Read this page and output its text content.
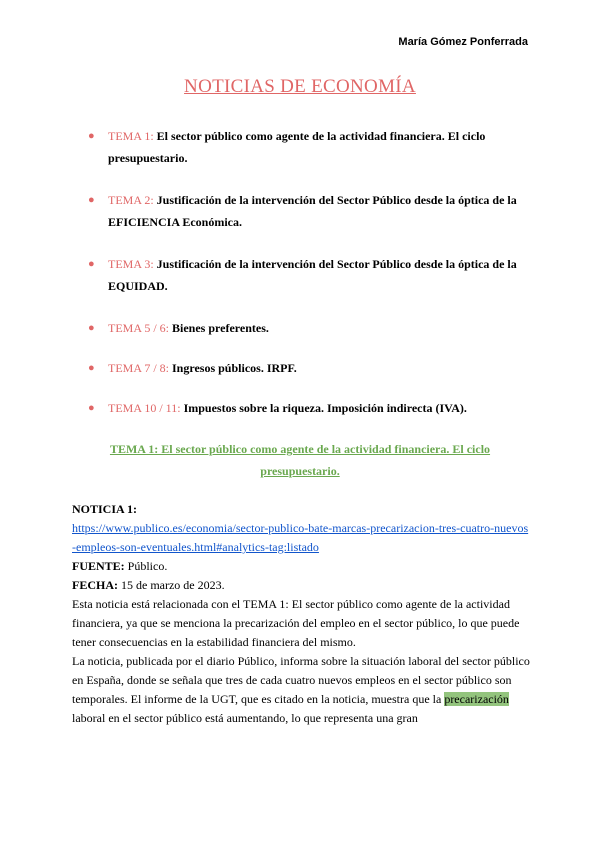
María Gómez Ponferrada
NOTICIAS DE ECONOMÍA
● TEMA 1: El sector público como agente de la actividad financiera. El ciclo presupuestario.
● TEMA 2: Justificación de la intervención del Sector Público desde la óptica de la EFICIENCIA Económica.
● TEMA 3: Justificación de la intervención del Sector Público desde la óptica de la EQUIDAD.
● TEMA 5 / 6: Bienes preferentes.
● TEMA 7 / 8: Ingresos públicos. IRPF.
● TEMA 10 / 11: Impuestos sobre la riqueza. Imposición indirecta (IVA).
TEMA 1: El sector público como agente de la actividad financiera. El ciclo presupuestario.

NOTICIA 1:

https://www.publico.es/economia/sector-publico-bate-marcas-precarizacion-tres-cuatro-nuevos-empleos-son-eventuales.html#analytics-tag:listado

FUENTE: Público.

FECHA: 15 de marzo de 2023.

Esta noticia está relacionada con el TEMA 1: El sector público como agente de la actividad financiera, ya que se menciona la precarización del empleo en el sector público, lo que puede tener consecuencias en la estabilidad financiera del mismo.

La noticia, publicada por el diario Público, informa sobre la situación laboral del sector público en España, donde se señala que tres de cada cuatro nuevos empleos en el sector público son temporales. El informe de la UGT, que es citado en la noticia, muestra que la precarización laboral en el sector público está aumentando, lo que representa una gran
